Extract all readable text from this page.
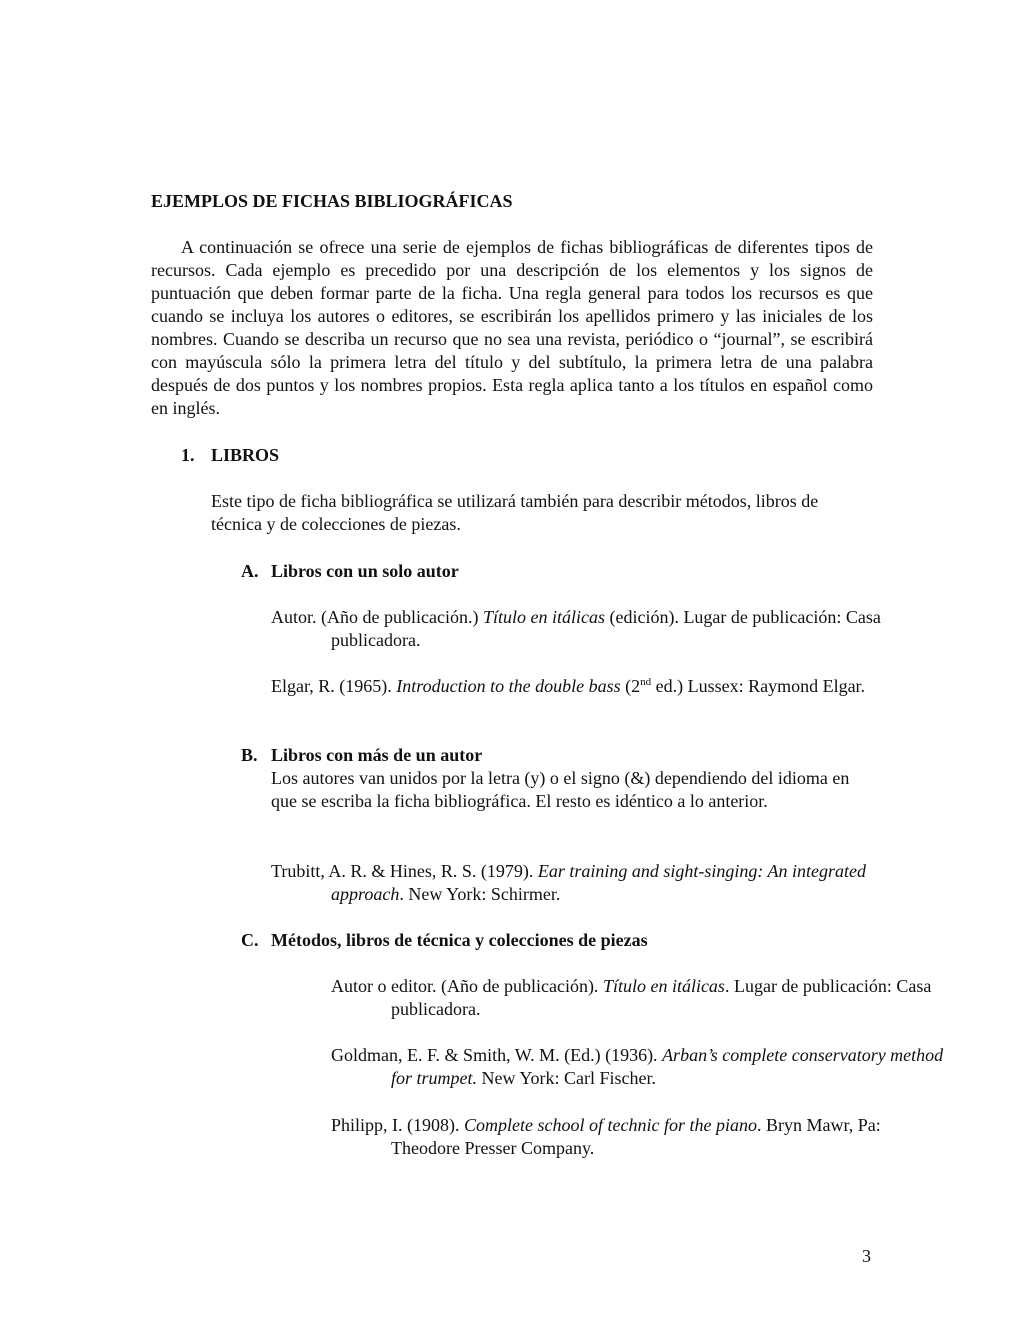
EJEMPLOS DE FICHAS BIBLIOGRÁFICAS

A continuación se ofrece una serie de ejemplos de fichas bibliográficas de diferentes tipos de recursos. Cada ejemplo es precedido por una descripción de los elementos y los signos de puntuación que deben formar parte de la ficha. Una regla general para todos los recursos es que cuando se incluya los autores o editores, se escribirán los apellidos primero y las iniciales de los nombres. Cuando se describa un recurso que no sea una revista, periódico o “journal”, se escribirá con mayúscula sólo la primera letra del título y del subtítulo, la primera letra de una palabra después de dos puntos y los nombres propios. Esta regla aplica tanto a los títulos en español como en inglés.

1. LIBROS

Este tipo de ficha bibliográfica se utilizará también para describir métodos, libros de técnica y de colecciones de piezas.

A. Libros con un solo autor

Autor. (Año de publicación.) Título en itálicas (edición). Lugar de publicación: Casa publicadora.

Elgar, R. (1965). Introduction to the double bass (2nd ed.) Lussex: Raymond Elgar.

B. Libros con más de un autor

Los autores van unidos por la letra (y) o el signo (&) dependiendo del idioma en que se escriba la ficha bibliográfica. El resto es idéntico a lo anterior.

Trubitt, A. R. & Hines, R. S. (1979). Ear training and sight-singing: An integrated approach. New York: Schirmer.

C. Métodos, libros de técnica y colecciones de piezas

Autor o editor. (Año de publicación). Título en itálicas. Lugar de publicación: Casa publicadora.

Goldman, E. F. & Smith, W. M. (Ed.) (1936). Arban’s complete conservatory method for trumpet. New York: Carl Fischer.

Philipp, I. (1908). Complete school of technic for the piano. Bryn Mawr, Pa: Theodore Presser Company.

3
